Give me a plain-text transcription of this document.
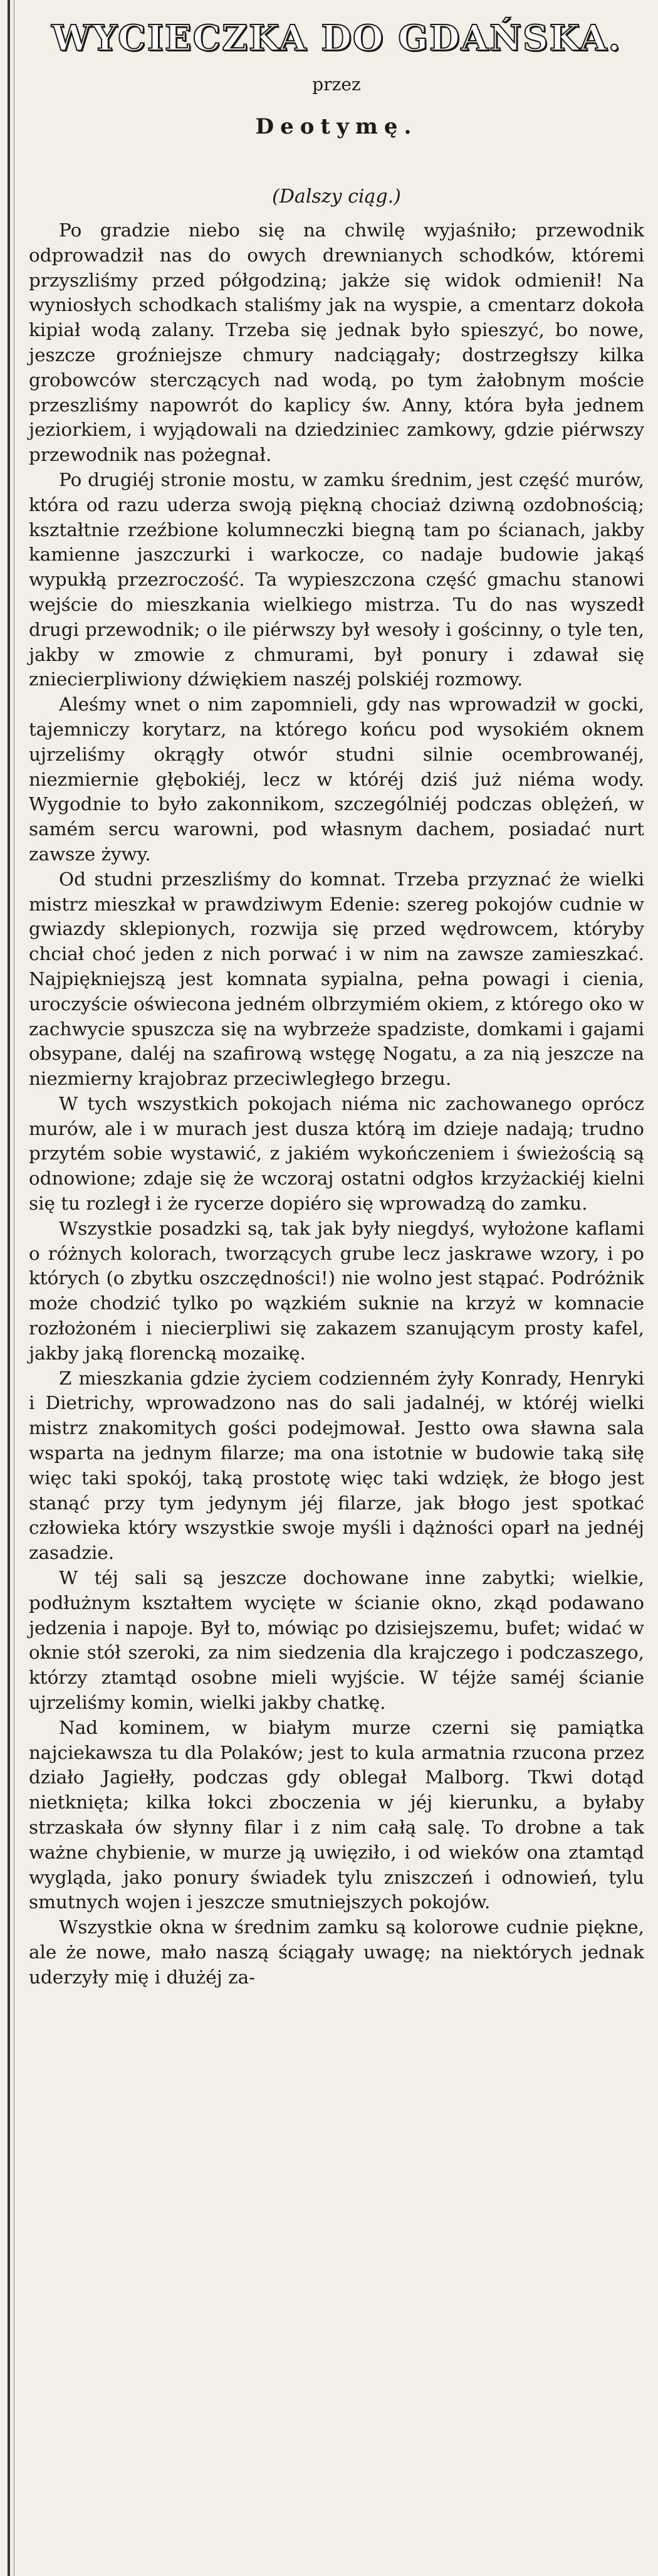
WYCIECZKA DO GDAŃSKA.
przez
Deotymę.
(Dalszy ciąg.)

Po gradzie niebo się na chwilę wyjaśniło; przewodnik odprowadził nas do owych drewnianych schodków, któremi przyszliśmy przed półgodziną; jakże się widok odmienił! Na wyniosłych schodkach staliśmy jak na wyspie, a cmentarz dokoła kipiał wodą zalany. Trzeba się jednak było spieszyć, bo nowe, jeszcze groźniejsze chmury nadciągały; dostrzegłszy kilka grobowców sterczących nad wodą, po tym żałobnym moście przeszliśmy napowrót do kaplicy św. Anny, która była jednem jeziorkiem, i wyjądowali na dziedziniec zamkowy, gdzie piérwszy przewodnik nas pożegnał.

Po drugiéj stronie mostu, w zamku średnim, jest część murów, która od razu uderza swoją piękną chociaż dziwną ozdobnością; kształtnie rzeźbione kolumneczki biegną tam po ścianach, jakby kamienne jaszczurki i warkocze, co nadaje budowie jakąś wypukłą przezroczość. Ta wypieszczona część gmachu stanowi wejście do mieszkania wielkiego mistrza. Tu do nas wyszedł drugi przewodnik; o ile piérwszy był wesoły i gościnny, o tyle ten, jakby w zmowie z chmurami, był ponury i zdawał się zniecierpliwiony dźwiękiem naszéj polskiéj rozmowy.

Aleśmy wnet o nim zapomnieli, gdy nas wprowadził w gocki, tajemniczy korytarz, na którego końcu pod wysokiém oknem ujrzeliśmy okrągły otwór studni silnie ocembrowanéj, niezmiernie głębokiéj, lecz w któréj dziś już niéma wody. Wygodnie to było zakonnikom, szczególniéj podczas oblężeń, w samém sercu warowni, pod własnym dachem, posiadać nurt zawsze żywy.

Od studni przeszliśmy do komnat. Trzeba przyznać że wielki mistrz mieszkał w prawdziwym Edenie: szereg pokojów cudnie w gwiazdy sklepionych, rozwija się przed wędrowcem, któryby chciał choć jeden z nich porwać i w nim na zawsze zamieszkać. Najpiękniejszą jest komnata sypialna, pełna powagi i cienia, uroczyście oświecona jedném olbrzymiém okiem, z którego oko w zachwycie spuszcza się na wybrzeże spadziste, domkami i gajami obsypane, daléj na szafirową wstęgę Nogatu, a za nią jeszcze na niezmierny krajobraz przeciwległego brzegu.

W tych wszystkich pokojach niéma nic zachowanego oprócz murów, ale i w murach jest dusza którą im dzieje nadają; trudno przytém sobie wystawić, z jakiém wykończeniem i świeżością są odnowione; zdaje się że wczoraj ostatni odgłos krzyżackiéj kielni się tu rozległ i że rycerze dopiéro się wprowadzą do zamku.

Wszystkie posadzki są, tak jak były niegdyś, wyłożone kaflami o różnych kolorach, tworzących grube lecz jaskrawe wzory, i po których (o zbytku oszczędności!) nie wolno jest stąpać. Podróżnik może chodzić tylko po wązkiém suknie na krzyż w komnacie rozłożoném i niecierpliwi się zakazem szanującym prosty kafel, jakby jaką florencką mozaikę.

Z mieszkania gdzie życiem codzienném żyły Konrady, Henryki i Dietrichy, wprowadzono nas do sali jadalnéj, w któréj wielki mistrz znakomitych gości podejmował. Jestto owa sławna sala wsparta na jednym filarze; ma ona istotnie w budowie taką siłę więc taki spokój, taką prostotę więc taki wdzięk, że błogo jest stanąć przy tym jedynym jéj filarze, jak błogo jest spotkać człowieka który wszystkie swoje myśli i dążności oparł na jednéj zasadzie.

W téj sali są jeszcze dochowane inne zabytki; wielkie, podłużnym kształtem wycięte w ścianie okno, zkąd podawano jedzenia i napoje. Był to, mówiąc po dzisiejszemu, bufet; widać w oknie stół szeroki, za nim siedzenia dla krajczego i podczaszego, którzy ztamtąd osobne mieli wyjście. W téjże saméj ścianie ujrzeliśmy komin, wielki jakby chatkę.

Nad kominem, w białym murze czerni się pamiątka najciekawsza tu dla Polaków; jest to kula armatnia rzucona przez działo Jagiełły, podczas gdy oblegał Malborg. Tkwi dotąd nietknięta; kilka łokci zboczenia w jéj kierunku, a byłaby strzaskała ów słynny filar i z nim całą salę. To drobne a tak ważne chybienie, w murze ją uwięziło, i od wieków ona ztamtąd wygląda, jako ponury świadek tylu zniszczeń i odnowień, tylu smutnych wojen i jeszcze smutniejszych pokojów.

Wszystkie okna w średnim zamku są kolorowe cudnie piękne, ale że nowe, mało naszą ściągały uwagę; na niektórych jednak uderzyły mię i dłużéj za-
